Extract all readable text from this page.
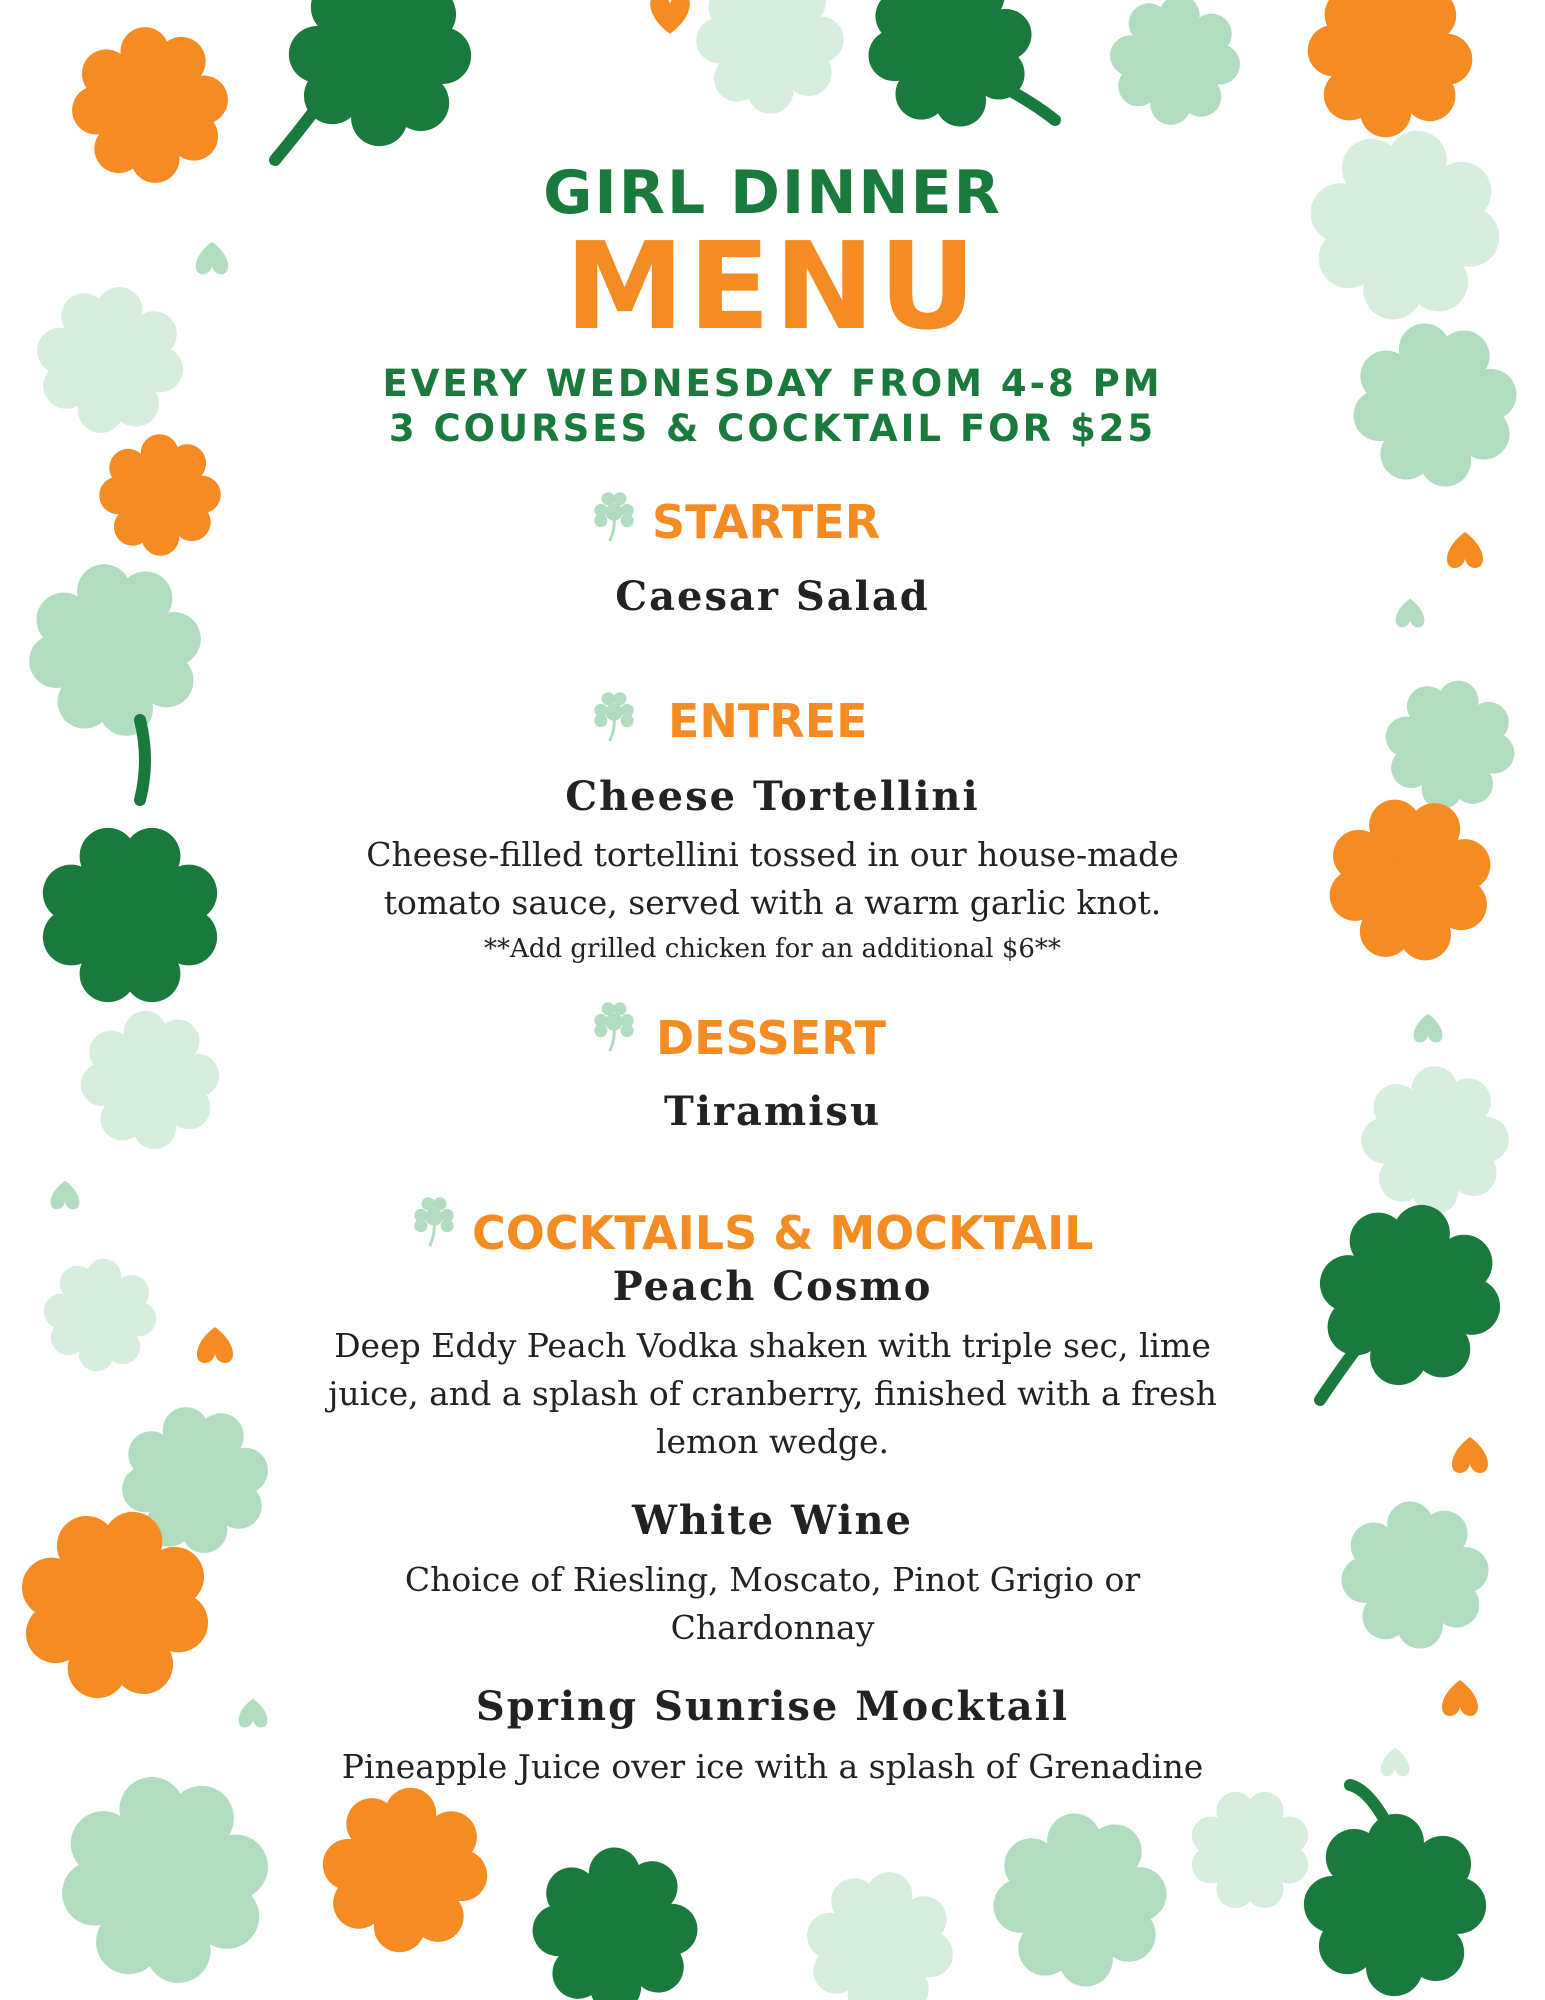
GIRL DINNER
MENU
EVERY WEDNESDAY FROM 4-8 PM
3 COURSES & COCKTAIL FOR $25
STARTER
Caesar Salad
ENTREE
Cheese Tortellini
Cheese-filled tortellini tossed in our house-made
tomato sauce, served with a warm garlic knot.
**Add grilled chicken for an additional $6**
DESSERT
Tiramisu
COCKTAILS & MOCKTAIL
Peach Cosmo
Deep Eddy Peach Vodka shaken with triple sec, lime
juice, and a splash of cranberry, finished with a fresh
lemon wedge.
White Wine
Choice of Riesling, Moscato, Pinot Grigio or
Chardonnay
Spring Sunrise Mocktail
Pineapple Juice over ice with a splash of Grenadine
